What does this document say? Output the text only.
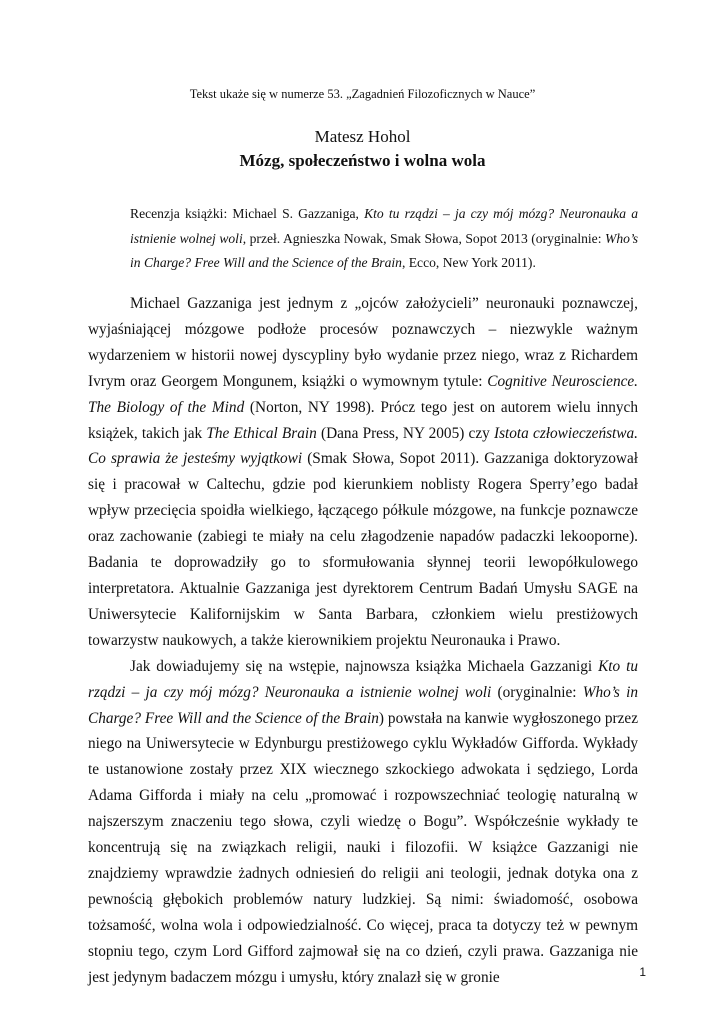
Tekst ukaże się w numerze 53. „Zagadnień Filozoficznych w Nauce”
Matesz Hohol
Mózg, społeczeństwo i wolna wola
Recenzja książki: Michael S. Gazzaniga, Kto tu rządzi – ja czy mój mózg? Neuronauka a istnienie wolnej woli, przeł. Agnieszka Nowak, Smak Słowa, Sopot 2013 (oryginalnie: Who’s in Charge? Free Will and the Science of the Brain, Ecco, New York 2011).

Michael Gazzaniga jest jednym z „ojców założycieli” neuronauki poznawczej, wyjaśniającej mózgowe podłoże procesów poznawczych – niezwykle ważnym wydarzeniem w historii nowej dyscypliny było wydanie przez niego, wraz z Richardem Ivrym oraz Georgem Mongunem, książki o wymownym tytule: Cognitive Neuroscience. The Biology of the Mind (Norton, NY 1998). Prócz tego jest on autorem wielu innych książek, takich jak The Ethical Brain (Dana Press, NY 2005) czy Istota człowieczeństwa. Co sprawia że jesteśmy wyjątkowi (Smak Słowa, Sopot 2011). Gazzaniga doktoryzował się i pracował w Caltechu, gdzie pod kierunkiem noblisty Rogera Sperry’ego badał wpływ przecięcia spoidła wielkiego, łączącego półkule mózgowe, na funkcje poznawcze oraz zachowanie (zabiegi te miały na celu złagodzenie napadów padaczki lekooporne). Badania te doprowadziły go to sformułowania słynnej teorii lewopółkulowego interpretatora. Aktualnie Gazzaniga jest dyrektorem Centrum Badań Umysłu SAGE na Uniwersytecie Kalifornijskim w Santa Barbara, członkiem wielu prestiżowych towarzystw naukowych, a także kierownikiem projektu Neuronauka i Prawo.

Jak dowiadujemy się na wstępie, najnowsza książka Michaela Gazzanigi Kto tu rządzi – ja czy mój mózg? Neuronauka a istnienie wolnej woli (oryginalnie: Who’s in Charge? Free Will and the Science of the Brain) powstała na kanwie wygłoszonego przez niego na Uniwersytecie w Edynburgu prestiżowego cyklu Wykładów Gifforda. Wykłady te ustanowione zostały przez XIX wiecznego szkockiego adwokata i sędziego, Lorda Adama Gifforda i miały na celu „promować i rozpowszechniać teologię naturalną w najszerszym znaczeniu tego słowa, czyli wiedzę o Bogu”. Współcześnie wykłady te koncentrują się na związkach religii, nauki i filozofii. W książce Gazzanigi nie znajdziemy wprawdzie żadnych odniesień do religii ani teologii, jednak dotyka ona z pewnością głębokich problemów natury ludzkiej. Są nimi: świadomość, osobowa tożsamość, wolna wola i odpowiedzialność. Co więcej, praca ta dotyczy też w pewnym stopniu tego, czym Lord Gifford zajmował się na co dzień, czyli prawa. Gazzaniga nie jest jedynym badaczem mózgu i umysłu, który znalazł się w gronie	1
